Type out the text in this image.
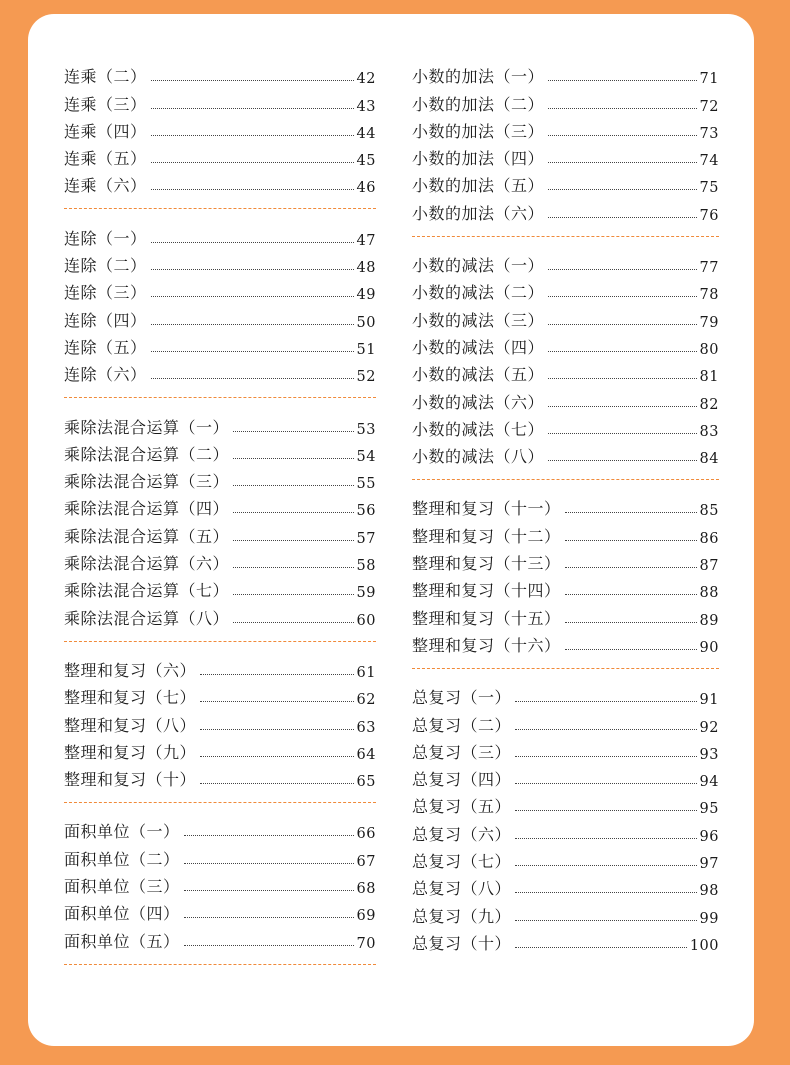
连乘（二）	42
连乘（三）	43
连乘（四）	44
连乘（五）	45
连乘（六）	46
连除（一）	47
连除（二）	48
连除（三）	49
连除（四）	50
连除（五）	51
连除（六）	52
乘除法混合运算（一）	53
乘除法混合运算（二）	54
乘除法混合运算（三）	55
乘除法混合运算（四）	56
乘除法混合运算（五）	57
乘除法混合运算（六）	58
乘除法混合运算（七）	59
乘除法混合运算（八）	60
整理和复习（六）	61
整理和复习（七）	62
整理和复习（八）	63
整理和复习（九）	64
整理和复习（十）	65
面积单位（一）	66
面积单位（二）	67
面积单位（三）	68
面积单位（四）	69
面积单位（五）	70
小数的加法（一）	71
小数的加法（二）	72
小数的加法（三）	73
小数的加法（四）	74
小数的加法（五）	75
小数的加法（六）	76
小数的减法（一）	77
小数的减法（二）	78
小数的减法（三）	79
小数的减法（四）	80
小数的减法（五）	81
小数的减法（六）	82
小数的减法（七）	83
小数的减法（八）	84
整理和复习（十一）	85
整理和复习（十二）	86
整理和复习（十三）	87
整理和复习（十四）	88
整理和复习（十五）	89
整理和复习（十六）	90
总复习（一）	91
总复习（二）	92
总复习（三）	93
总复习（四）	94
总复习（五）	95
总复习（六）	96
总复习（七）	97
总复习（八）	98
总复习（九）	99
总复习（十）	100
